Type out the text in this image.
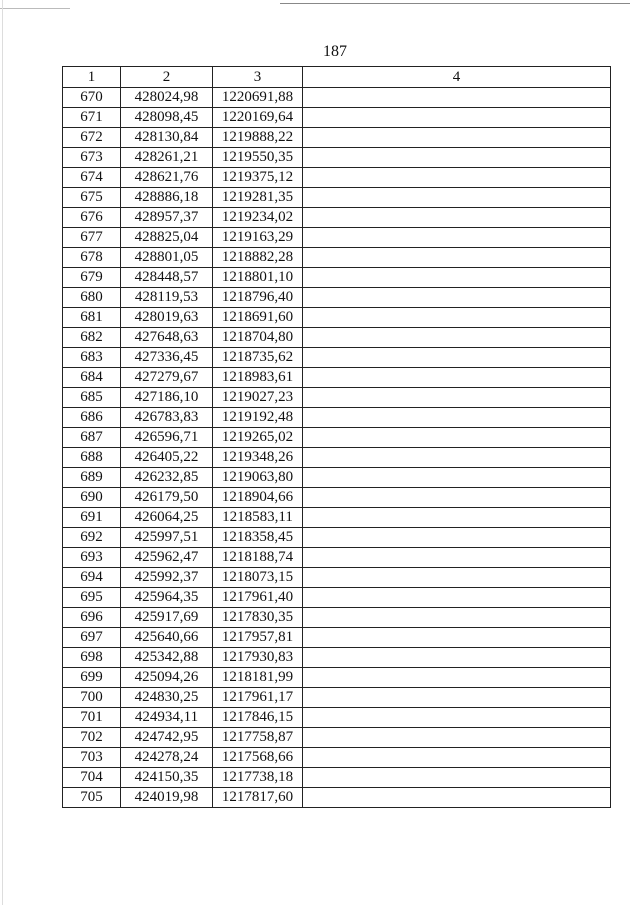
187
1	2	3	4
670	428024,98	1220691,88	
671	428098,45	1220169,64	
672	428130,84	1219888,22	
673	428261,21	1219550,35	
674	428621,76	1219375,12	
675	428886,18	1219281,35	
676	428957,37	1219234,02	
677	428825,04	1219163,29	
678	428801,05	1218882,28	
679	428448,57	1218801,10	
680	428119,53	1218796,40	
681	428019,63	1218691,60	
682	427648,63	1218704,80	
683	427336,45	1218735,62	
684	427279,67	1218983,61	
685	427186,10	1219027,23	
686	426783,83	1219192,48	
687	426596,71	1219265,02	
688	426405,22	1219348,26	
689	426232,85	1219063,80	
690	426179,50	1218904,66	
691	426064,25	1218583,11	
692	425997,51	1218358,45	
693	425962,47	1218188,74	
694	425992,37	1218073,15	
695	425964,35	1217961,40	
696	425917,69	1217830,35	
697	425640,66	1217957,81	
698	425342,88	1217930,83	
699	425094,26	1218181,99	
700	424830,25	1217961,17	
701	424934,11	1217846,15	
702	424742,95	1217758,87	
703	424278,24	1217568,66	
704	424150,35	1217738,18	
705	424019,98	1217817,60	
